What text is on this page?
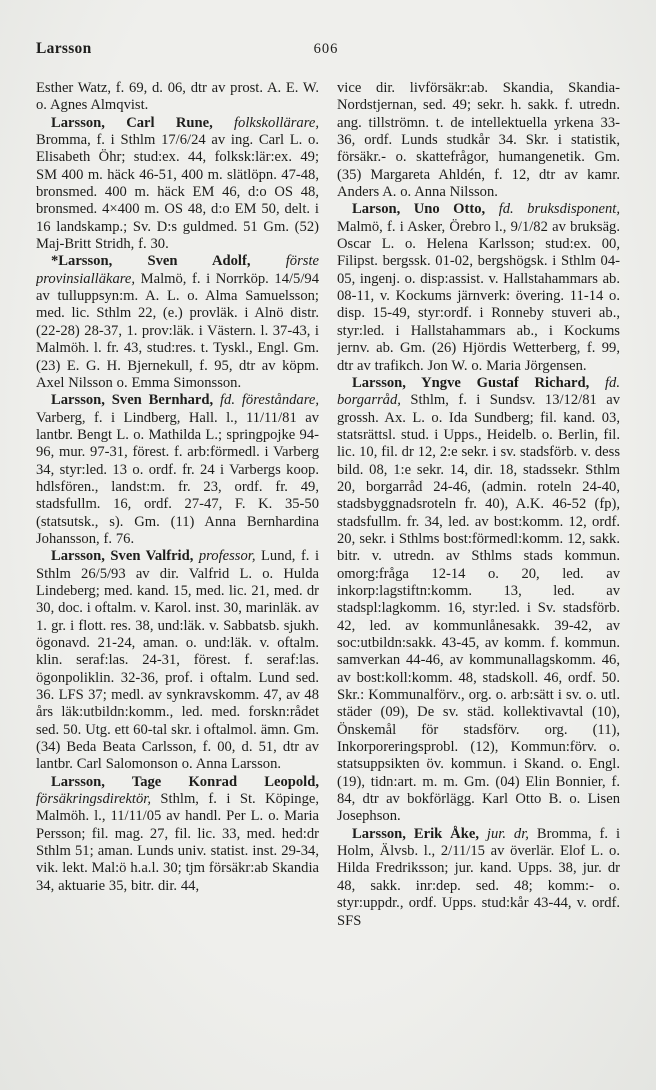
Larsson	606

Esther Watz, f. 69, d. 06, dtr av prost. A. E. W. o. Agnes Almqvist.

Larsson, Carl Rune, folkskollärare, Bromma, f. i Sthlm 17/6/24 av ing. Carl L. o. Elisabeth Öhr; stud:ex. 44, folksk:lär:ex. 49; SM 400 m. häck 46-51, 400 m. slätlöpn. 47-48, bronsmed. 400 m. häck EM 46, d:o OS 48, bronsmed. 4×400 m. OS 48, d:o EM 50, delt. i 16 landskamp.; Sv. D:s guldmed. 51 Gm. (52) Maj-Britt Stridh, f. 30.

*Larsson, Sven Adolf, förste provinsialläkare, Malmö, f. i Norrköp. 14/5/94 av tulluppsyn:m. A. L. o. Alma Samuelsson; med. lic. Sthlm 22, (e.) provläk. i Alnö distr. (22-28) 28-37, 1. prov:läk. i Västern. l. 37-43, i Malmöh. l. fr. 43, stud:res. t. Tyskl., Engl. Gm. (23) E. G. H. Bjernekull, f. 95, dtr av köpm. Axel Nilsson o. Emma Simonsson.

Larsson, Sven Bernhard, fd. föreståndare, Varberg, f. i Lindberg, Hall. l., 11/11/81 av lantbr. Bengt L. o. Mathilda L.; springpojke 94-96, mur. 97-31, förest. f. arb:förmedl. i Varberg 34, styr:led. 13 o. ordf. fr. 24 i Varbergs koop. hdlsfören., landst:m. fr. 23, ordf. fr. 49, stadsfullm. 16, ordf. 27-47, F. K. 35-50 (statsutsk., s). Gm. (11) Anna Bernhardina Johansson, f. 76.

Larsson, Sven Valfrid, professor, Lund, f. i Sthlm 26/5/93 av dir. Valfrid L. o. Hulda Lindeberg; med. kand. 15, med. lic. 21, med. dr 30, doc. i oftalm. v. Karol. inst. 30, marinläk. av 1. gr. i flott. res. 38, und:läk. v. Sabbatsb. sjukh. ögonavd. 21-24, aman. o. und:läk. v. oftalm. klin. seraf:las. 24-31, förest. f. seraf:las. ögonpoliklin. 32-36, prof. i oftalm. Lund sed. 36. LFS 37; medl. av synkravskomm. 47, av 48 års läk:utbildn:komm., led. med. forskn:rådet sed. 50. Utg. ett 60-tal skr. i oftalmol. ämn. Gm. (34) Beda Beata Carlsson, f. 00, d. 51, dtr av lantbr. Carl Salomonson o. Anna Larsson.

Larsson, Tage Konrad Leopold, försäkringsdirektör, Sthlm, f. i St. Köpinge, Malmöh. l., 11/11/05 av handl. Per L. o. Maria Persson; fil. mag. 27, fil. lic. 33, med. hed:dr Sthlm 51; aman. Lunds univ. statist. inst. 29-34, vik. lekt. Mal:ö h.a.l. 30; tjm försäkr:ab Skandia 34, aktuarie 35, bitr. dir. 44,

vice dir. livförsäkr:ab. Skandia, Skandia-Nordstjernan, sed. 49; sekr. h. sakk. f. utredn. ang. tillströmn. t. de intellektuella yrkena 33-36, ordf. Lunds studkår 34. Skr. i statistik, försäkr.- o. skattefrågor, humangenetik. Gm. (35) Margareta Ahldén, f. 12, dtr av kamr. Anders A. o. Anna Nilsson.

Larson, Uno Otto, fd. bruksdisponent, Malmö, f. i Asker, Örebro l., 9/1/82 av bruksäg. Oscar L. o. Helena Karlsson; stud:ex. 00, Filipst. bergssk. 01-02, bergshögsk. i Sthlm 04-05, ingenj. o. disp:assist. v. Hallstahammars ab. 08-11, v. Kockums järnverk: övering. 11-14 o. disp. 15-49, styr:ordf. i Ronneby stuveri ab., styr:led. i Hallstahammars ab., i Kockums jernv. ab. Gm. (26) Hjördis Wetterberg, f. 99, dtr av trafikch. Jon W. o. Maria Jörgensen.

Larsson, Yngve Gustaf Richard, fd. borgarråd, Sthlm, f. i Sundsv. 13/12/81 av grossh. Ax. L. o. Ida Sundberg; fil. kand. 03, statsrättsl. stud. i Upps., Heidelb. o. Berlin, fil. lic. 10, fil. dr 12, 2:e sekr. i sv. stadsförb. v. dess bild. 08, 1:e sekr. 14, dir. 18, stadssekr. Sthlm 20, borgarråd 24-46, (admin. roteln 24-40, stadsbyggnadsroteln fr. 40), A.K. 46-52 (fp), stadsfullm. fr. 34, led. av bost:komm. 12, ordf. 20, sekr. i Sthlms bost:förmedl:komm. 12, sakk. bitr. v. utredn. av Sthlms stads kommun. omorg:fråga 12-14 o. 20, led. av inkorp:lagstiftn:komm. 13, led. av stadspl:lagkomm. 16, styr:led. i Sv. stadsförb. 42, led. av kommunlånesakk. 39-42, av soc:utbildn:sakk. 43-45, av komm. f. kommun. samverkan 44-46, av kommunallagskomm. 46, av bost:koll:komm. 48, stadskoll. 46, ordf. 50. Skr.: Kommunalförv., org. o. arb:sätt i sv. o. utl. städer (09), De sv. städ. kollektivavtal (10), Önskemål för stadsförv. org. (11), Inkorporeringsprobl. (12), Kommun:förv. o. statsuppsikten öv. kommun. i Skand. o. Engl. (19), tidn:art. m. m. Gm. (04) Elin Bonnier, f. 84, dtr av bokförlägg. Karl Otto B. o. Lisen Josephson.

Larsson, Erik Åke, jur. dr, Bromma, f. i Holm, Älvsb. l., 2/11/15 av överlär. Elof L. o. Hilda Fredriksson; jur. kand. Upps. 38, jur. dr 48, sakk. inr:dep. sed. 48; komm:- o. styr:uppdr., ordf. Upps. stud:kår 43-44, v. ordf. SFS
